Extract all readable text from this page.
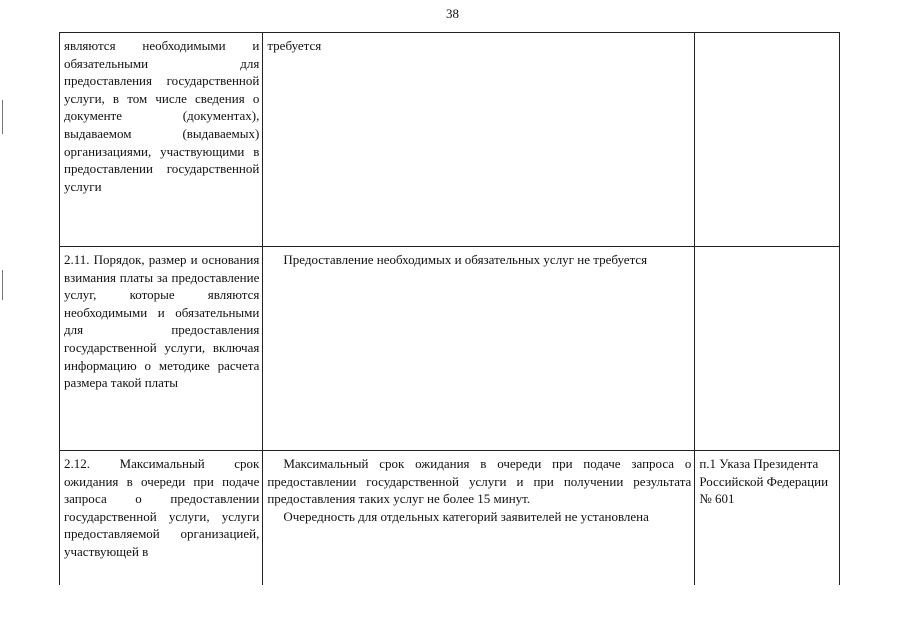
38
являются необходимыми и обязательными для предоставления государственной услуги, в том числе сведения о документе (документах), выдаваемом (выдаваемых) организациями, участвующими в предоставлении государственной услуги	требуется	

2.11. Порядок, размер и основания взимания платы за предоставление услуг, которые являются необходимыми и обязательными для предоставления государственной услуги, включая информацию о методике расчета размера такой платы	Предоставление необходимых и обязательных услуг не требуется	

2.12. Максимальный срок ожидания в очереди при подаче запроса о предоставлении государственной услуги, услуги предоставляемой организацией, участвующей в	Максимальный срок ожидания в очереди при подаче запроса о предоставлении государственной услуги и при получении результата предоставления таких услуг не более 15 минут.
Очередность для отдельных категорий заявителей не установлена	п.1 Указа Президента Российской Федерации № 601
